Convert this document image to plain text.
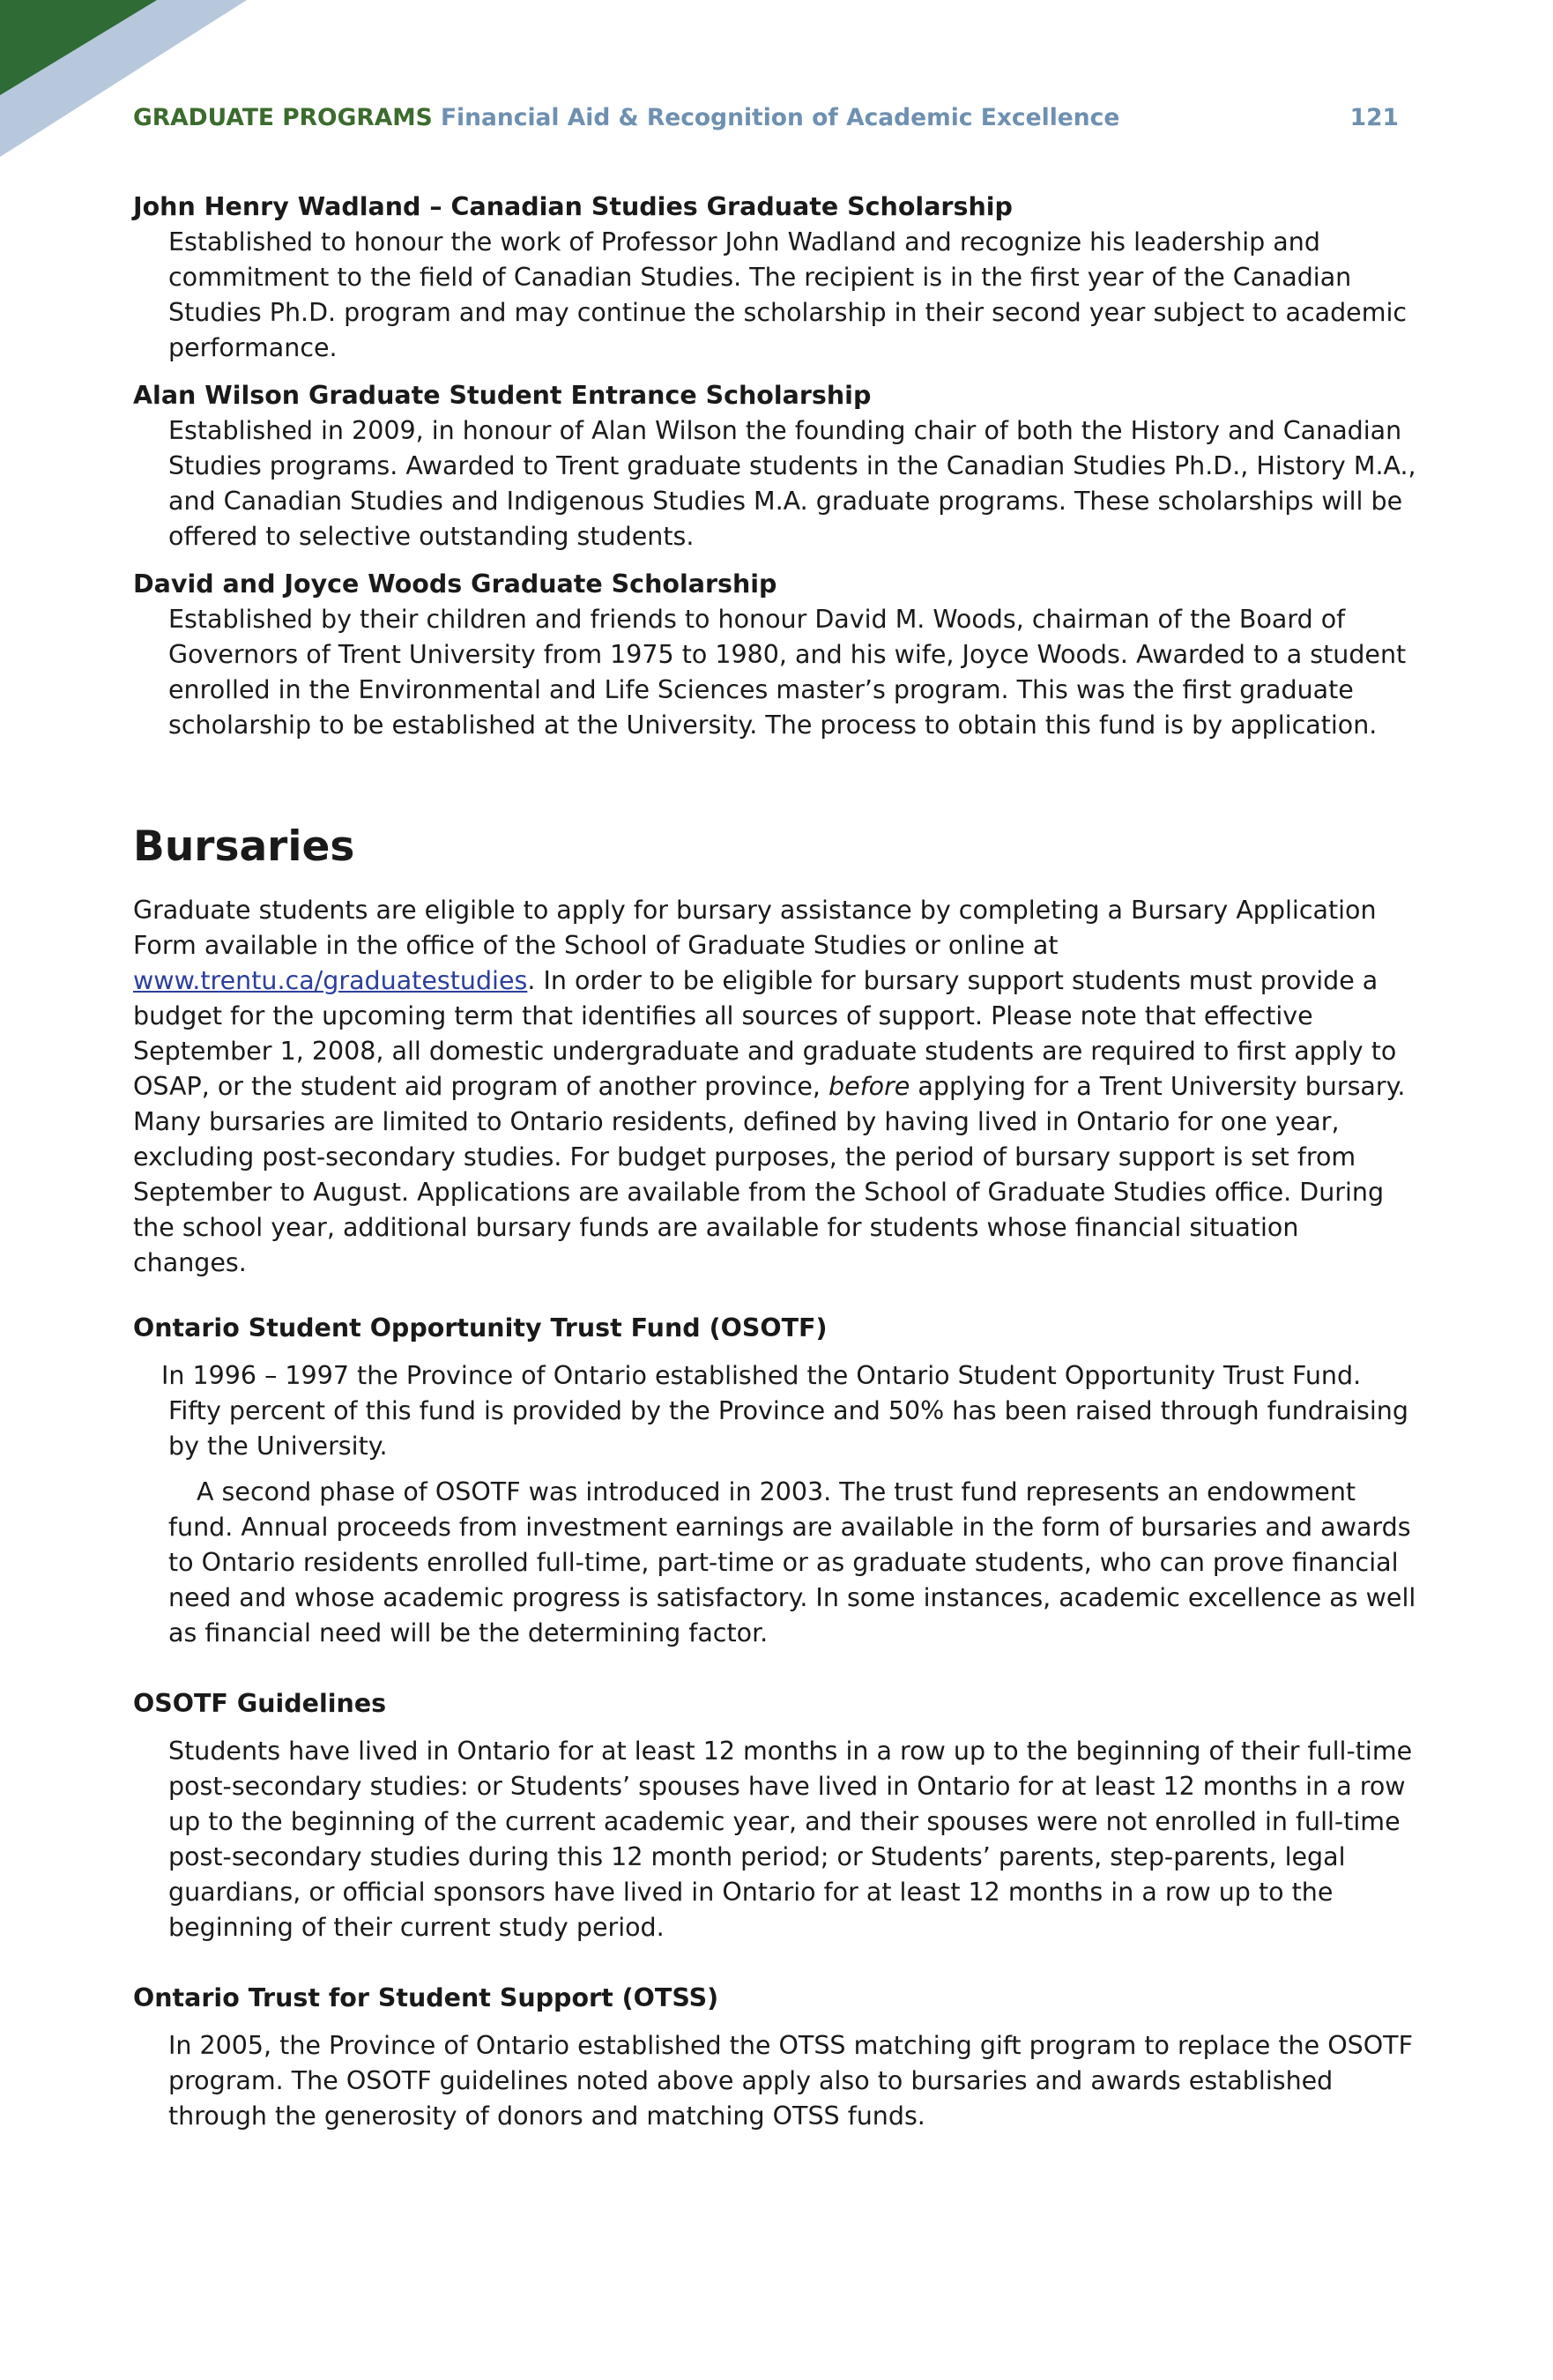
GRADUATE PROGRAMS Financial Aid & Recognition of Academic Excellence	121

John Henry Wadland – Canadian Studies Graduate Scholarship

Established to honour the work of Professor John Wadland and recognize his leadership and commitment to the field of Canadian Studies. The recipient is in the first year of the Canadian Studies Ph.D. program and may continue the scholarship in their second year subject to academic performance.

Alan Wilson Graduate Student Entrance Scholarship

Established in 2009, in honour of Alan Wilson the founding chair of both the History and Canadian Studies programs. Awarded to Trent graduate students in the Canadian Studies Ph.D., History M.A., and Canadian Studies and Indigenous Studies M.A. graduate programs. These scholarships will be offered to selective outstanding students.

David and Joyce Woods Graduate Scholarship

Established by their children and friends to honour David M. Woods, chairman of the Board of Governors of Trent University from 1975 to 1980, and his wife, Joyce Woods. Awarded to a student enrolled in the Environmental and Life Sciences master’s program. This was the first graduate scholarship to be established at the University. The process to obtain this fund is by application.

Bursaries

Graduate students are eligible to apply for bursary assistance by completing a Bursary Application Form available in the office of the School of Graduate Studies or online at www.trentu.ca/graduatestudies. In order to be eligible for bursary support students must provide a budget for the upcoming term that identifies all sources of support. Please note that effective September 1, 2008, all domestic undergraduate and graduate students are required to first apply to OSAP, or the student aid program of another province, before applying for a Trent University bursary. Many bursaries are limited to Ontario residents, defined by having lived in Ontario for one year, excluding post-secondary studies. For budget purposes, the period of bursary support is set from September to August. Applications are available from the School of Graduate Studies office. During the school year, additional bursary funds are available for students whose financial situation changes.

Ontario Student Opportunity Trust Fund (OSOTF)

In 1996 – 1997 the Province of Ontario established the Ontario Student Opportunity Trust Fund. Fifty percent of this fund is provided by the Province and 50% has been raised through fundraising by the University.

A second phase of OSOTF was introduced in 2003. The trust fund represents an endowment fund. Annual proceeds from investment earnings are available in the form of bursaries and awards to Ontario residents enrolled full-time, part-time or as graduate students, who can prove financial need and whose academic progress is satisfactory. In some instances, academic excellence as well as financial need will be the determining factor.

OSOTF Guidelines

Students have lived in Ontario for at least 12 months in a row up to the beginning of their full-time post-secondary studies: or Students’ spouses have lived in Ontario for at least 12 months in a row up to the beginning of the current academic year, and their spouses were not enrolled in full-time post-secondary studies during this 12 month period; or Students’ parents, step-parents, legal guardians, or official sponsors have lived in Ontario for at least 12 months in a row up to the beginning of their current study period.

Ontario Trust for Student Support (OTSS)

In 2005, the Province of Ontario established the OTSS matching gift program to replace the OSOTF program. The OSOTF guidelines noted above apply also to bursaries and awards established through the generosity of donors and matching OTSS funds.
